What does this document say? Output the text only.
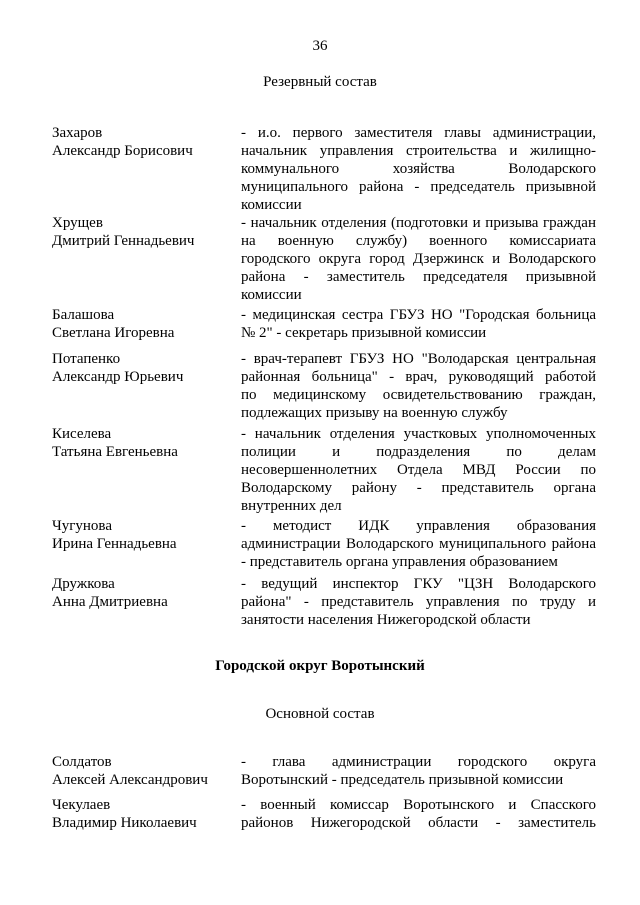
36
Резервный состав
Захаров
Александр Борисович
- и.о. первого заместителя главы администрации,
начальник управления строительства и жилищно-
коммунального хозяйства Володарского
муниципального района - председатель призывной
комиссии
Хрущев
Дмитрий Геннадьевич
- начальник отделения (подготовки и призыва граждан
на военную службу) военного комиссариата
городского округа город Дзержинск и Володарского
района - заместитель председателя призывной
комиссии
Балашова
Светлана Игоревна
- медицинская сестра ГБУЗ НО "Городская больница
№ 2" - секретарь призывной комиссии
Потапенко
Александр Юрьевич
- врач-терапевт ГБУЗ НО "Володарская центральная
районная больница" - врач, руководящий работой
по медицинскому освидетельствованию граждан,
подлежащих призыву на военную службу
Киселева
Татьяна Евгеньевна
- начальник отделения участковых уполномоченных
полиции и подразделения по делам
несовершеннолетних Отдела МВД России по
Володарскому району - представитель органа
внутренних дел
Чугунова
Ирина Геннадьевна
- методист ИДК управления образования
администрации Володарского муниципального района
- представитель органа управления образованием
Дружкова
Анна Дмитриевна
- ведущий инспектор ГКУ "ЦЗН Володарского
района" - представитель управления по труду и
занятости населения Нижегородской области
Городской округ Воротынский
Основной состав
Солдатов
Алексей Александрович
- глава администрации городского округа
Воротынский - председатель призывной комиссии
Чекулаев
Владимир Николаевич
- военный комиссар Воротынского и Спасского
районов Нижегородской области - заместитель
